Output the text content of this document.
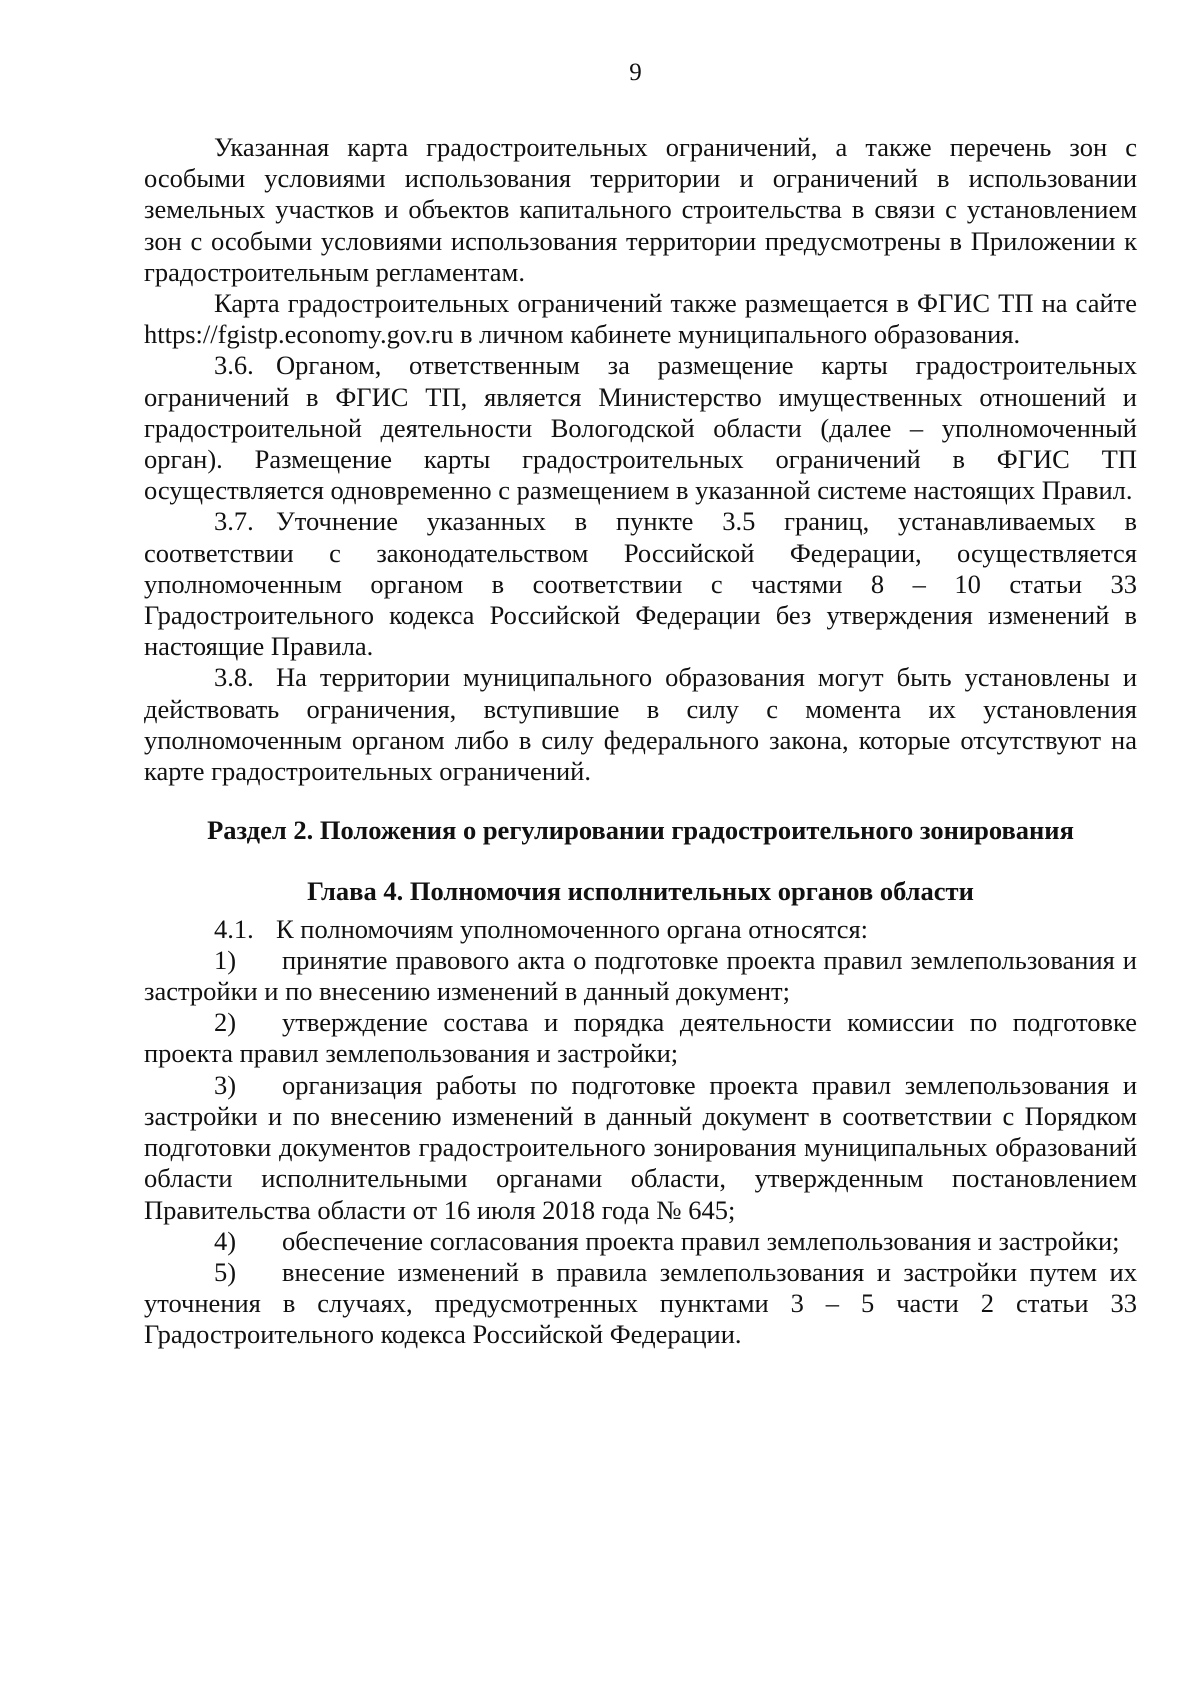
9

Указанная карта градостроительных ограничений, а также перечень зон с особыми условиями использования территории и ограничений в использовании земельных участков и объектов капитального строительства в связи с установлением зон с особыми условиями использования территории предусмотрены в Приложении к градостроительным регламентам.

Карта градостроительных ограничений также размещается в ФГИС ТП на сайте https://fgistp.economy.gov.ru в личном кабинете муниципального образования.

3.6. Органом, ответственным за размещение карты градостроительных ограничений в ФГИС ТП, является Министерство имущественных отношений и градостроительной деятельности Вологодской области (далее – уполномоченный орган). Размещение карты градостроительных ограничений в ФГИС ТП осуществляется одновременно с размещением в указанной системе настоящих Правил.

3.7. Уточнение указанных в пункте 3.5 границ, устанавливаемых в соответствии с законодательством Российской Федерации, осуществляется уполномоченным органом в соответствии с частями 8 – 10 статьи 33 Градостроительного кодекса Российской Федерации без утверждения изменений в настоящие Правила.

3.8. На территории муниципального образования могут быть установлены и действовать ограничения, вступившие в силу с момента их установления уполномоченным органом либо в силу федерального закона, которые отсутствуют на карте градостроительных ограничений.

Раздел 2. Положения о регулировании градостроительного зонирования
Глава 4. Полномочия исполнительных органов области

4.1. К полномочиям уполномоченного органа относятся:

1) принятие правового акта о подготовке проекта правил землепользования и застройки и по внесению изменений в данный документ;

2) утверждение состава и порядка деятельности комиссии по подготовке проекта правил землепользования и застройки;

3) организация работы по подготовке проекта правил землепользования и застройки и по внесению изменений в данный документ в соответствии с Порядком подготовки документов градостроительного зонирования муниципальных образований области исполнительными органами области, утвержденным постановлением Правительства области от 16 июля 2018 года № 645;

4) обеспечение согласования проекта правил землепользования и застройки;

5) внесение изменений в правила землепользования и застройки путем их уточнения в случаях, предусмотренных пунктами 3 – 5 части 2 статьи 33 Градостроительного кодекса Российской Федерации.
